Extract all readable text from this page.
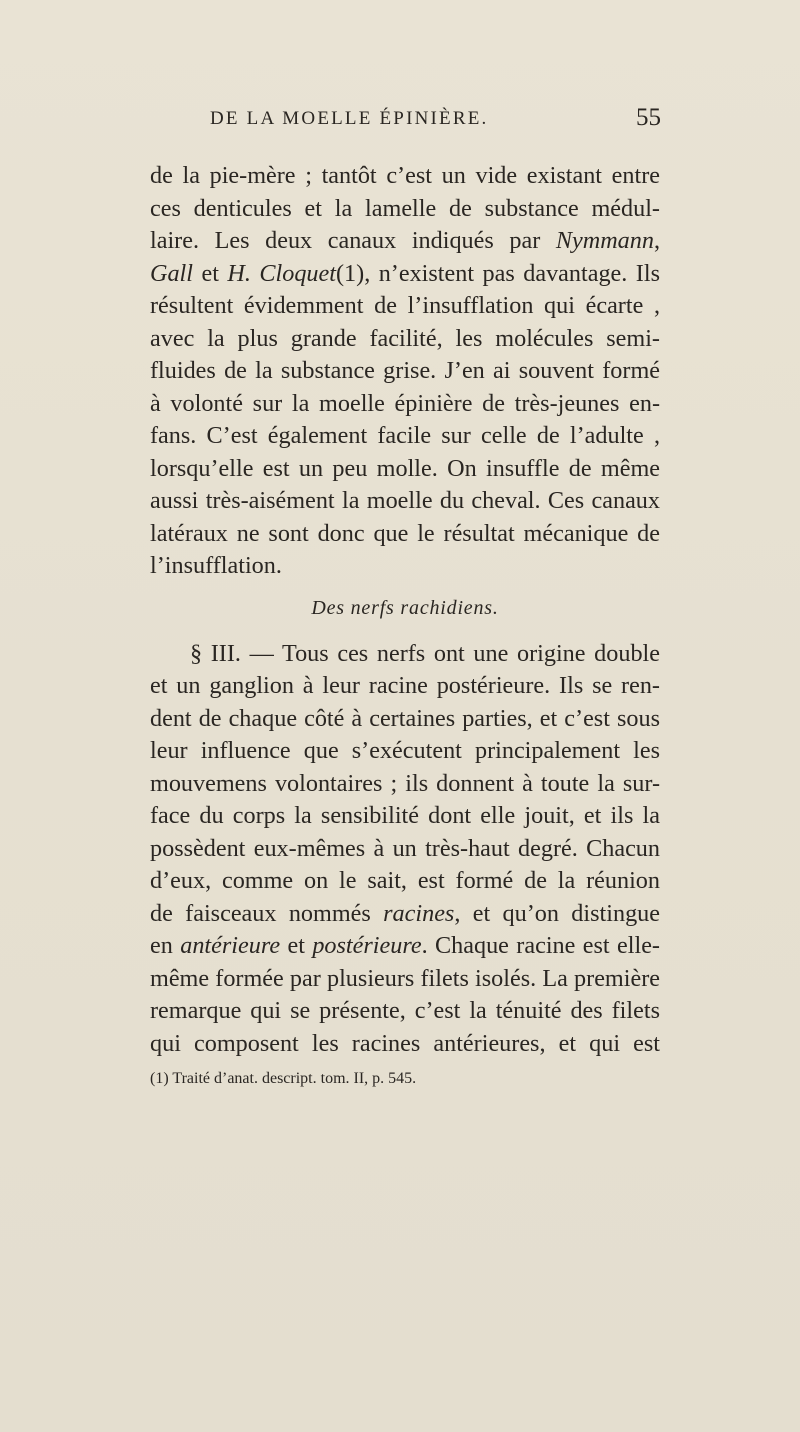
DE LA MOELLE ÉPINIÈRE.	55
de la pie-mère ; tantôt c’est un vide existant entre
ces denticules et la lamelle de substance médul-
laire. Les deux canaux indiqués par Nymmann,
Gall et H. Cloquet(1), n’existent pas davantage. Ils
résultent évidemment de l’insufflation qui écarte ,
avec la plus grande facilité, les molécules semi-
fluides de la substance grise. J’en ai souvent formé
à volonté sur la moelle épinière de très-jeunes en-
fans. C’est également facile sur celle de l’adulte ,
lorsqu’elle est un peu molle. On insuffle de même
aussi très-aisément la moelle du cheval. Ces canaux
latéraux ne sont donc que le résultat mécanique de
l’insufflation.
Des nerfs rachidiens.
§ III. — Tous ces nerfs ont une origine double
et un ganglion à leur racine postérieure. Ils se ren-
dent de chaque côté à certaines parties, et c’est sous
leur influence que s’exécutent principalement les
mouvemens volontaires ; ils donnent à toute la sur-
face du corps la sensibilité dont elle jouit, et ils la
possèdent eux-mêmes à un très-haut degré. Chacun
d’eux, comme on le sait, est formé de la réunion
de faisceaux nommés racines, et qu’on distingue
en antérieure et postérieure. Chaque racine est elle-
même formée par plusieurs filets isolés. La première
remarque qui se présente, c’est la ténuité des filets
qui composent les racines antérieures, et qui est
(1) Traité d’anat. descript. tom. II, p. 545.
